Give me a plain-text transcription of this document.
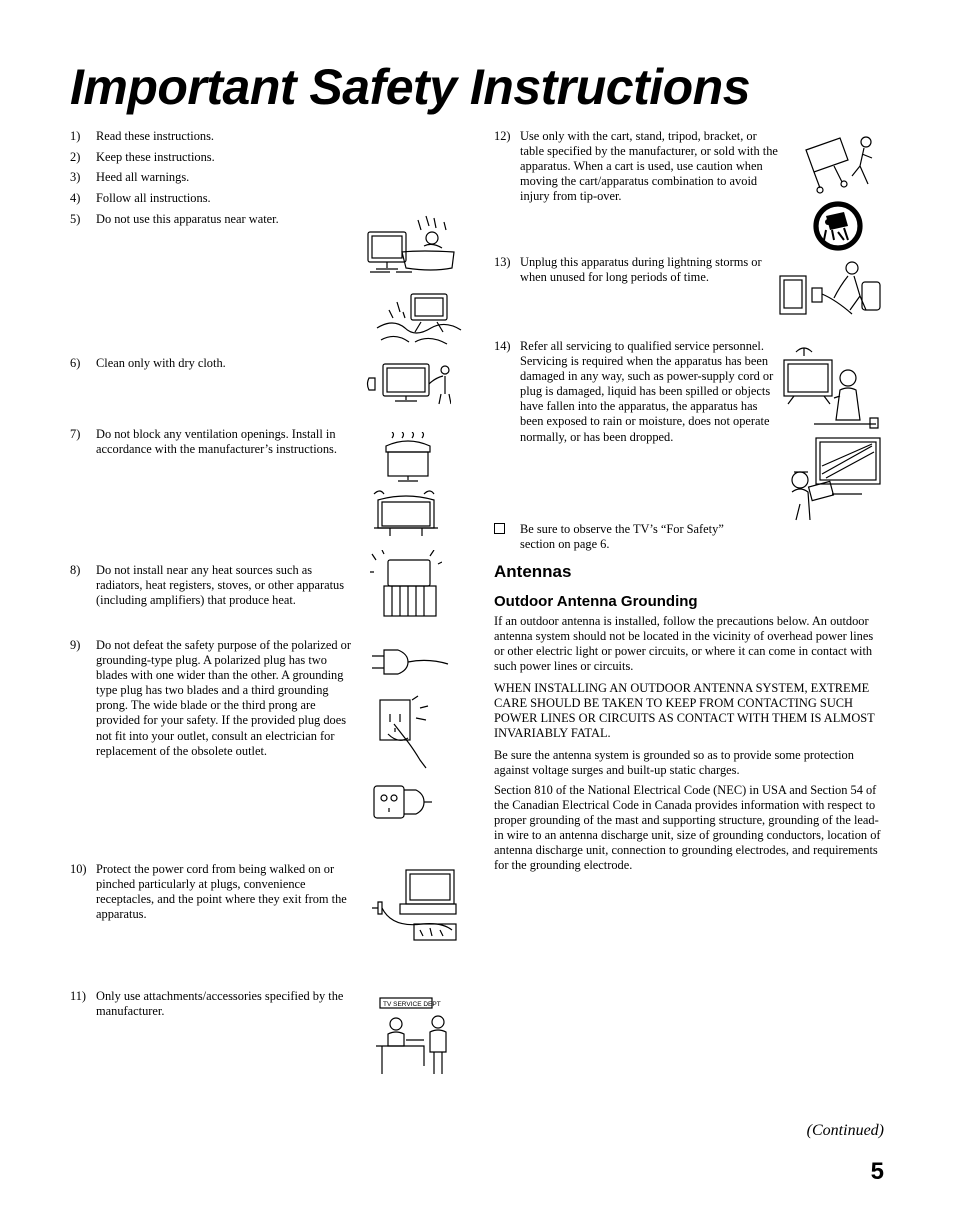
Important Safety Instructions
1) Read these instructions.
2) Keep these instructions.
3) Heed all warnings.
4) Follow all instructions.
5) Do not use this apparatus near water.
6) Clean only with dry cloth.
7) Do not block any ventilation openings. Install in accordance with the manufacturer’s instructions.
8) Do not install near any heat sources such as radiators, heat registers, stoves, or other apparatus (including amplifiers) that produce heat.
9) Do not defeat the safety purpose of the polarized or grounding-type plug. A polarized plug has two blades with one wider than the other. A grounding type plug has two blades and a third grounding prong. The wide blade or the third prong are provided for your safety. If the provided plug does not fit into your outlet, consult an electrician for replacement of the obsolete outlet.
10) Protect the power cord from being walked on or pinched particularly at plugs, convenience receptacles, and the point where they exit from the apparatus.
11) Only use attachments/accessories specified by the manufacturer.	TV SERVICE DEPT
12) Use only with the cart, stand, tripod, bracket, or table specified by the manufacturer, or sold with the apparatus. When a cart is used, use caution when moving the cart/apparatus combination to avoid injury from tip-over.
13) Unplug this apparatus during lightning storms or when unused for long periods of time.
14) Refer all servicing to qualified service personnel. Servicing is required when the apparatus has been damaged in any way, such as power-supply cord or plug is damaged, liquid has been spilled or objects have fallen into the apparatus, the apparatus has been exposed to rain or moisture, does not operate normally, or has been dropped.
Be sure to observe the TV’s “For Safety” section on page 6.
Antennas
Outdoor Antenna Grounding
If an outdoor antenna is installed, follow the precautions below. An outdoor antenna system should not be located in the vicinity of overhead power lines or other electric light or power circuits, or where it can come in contact with such power lines or circuits.
WHEN INSTALLING AN OUTDOOR ANTENNA SYSTEM, EXTREME CARE SHOULD BE TAKEN TO KEEP FROM CONTACTING SUCH POWER LINES OR CIRCUITS AS CONTACT WITH THEM IS ALMOST INVARIABLY FATAL.
Be sure the antenna system is grounded so as to provide some protection against voltage surges and built-up static charges.
Section 810 of the National Electrical Code (NEC) in USA and Section 54 of the Canadian Electrical Code in Canada provides information with respect to proper grounding of the mast and supporting structure, grounding of the lead-in wire to an antenna discharge unit, size of grounding conductors, location of antenna discharge unit, connection to grounding electrodes, and requirements for the grounding electrode.
(Continued)
5
